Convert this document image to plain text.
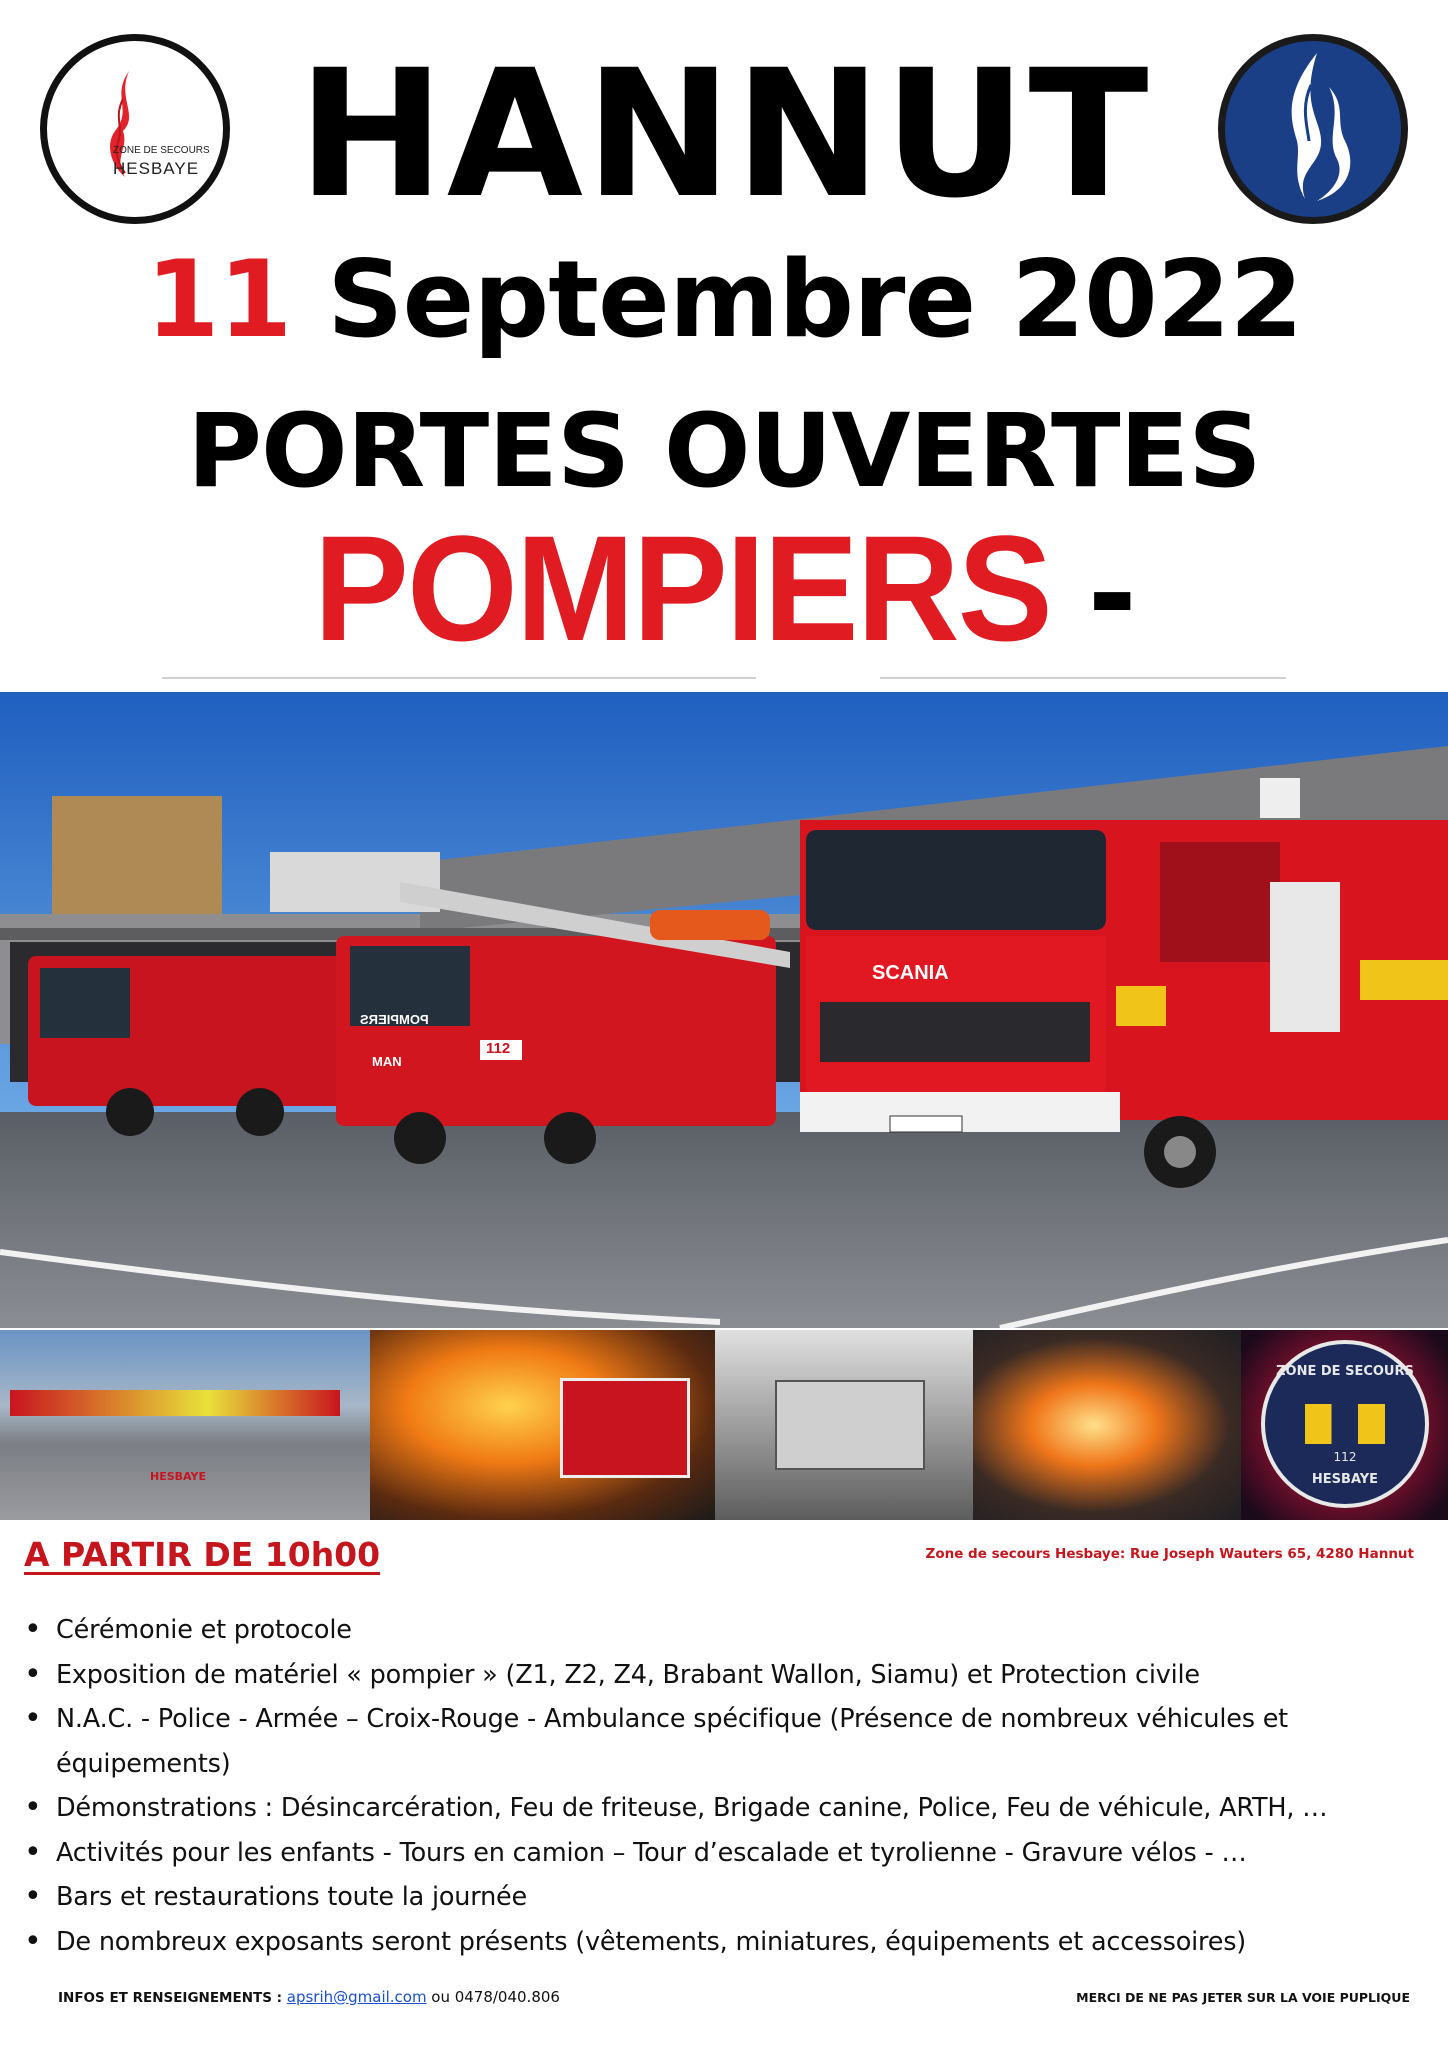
ZONE DE SECOURS
HESBAYE HANNUT
11 Septembre 2022
PORTES OUVERTES
POMPIERS -
SCANIA
POMPIERS
112
MAN
HESBAYE
ZONE DE SECOURS
112
HESBAYE
A PARTIR DE 10h00	Zone de secours Hesbaye: Rue Joseph Wauters 65, 4280 Hannut
• Cérémonie et protocole
• Exposition de matériel « pompier » (Z1, Z2, Z4, Brabant Wallon, Siamu) et Protection civile
• N.A.C. - Police - Armée – Croix-Rouge - Ambulance spécifique (Présence de nombreux véhicules et équipements)
• Démonstrations : Désincarcération, Feu de friteuse, Brigade canine, Police, Feu de véhicule, ARTH, …
• Activités pour les enfants - Tours en camion – Tour d’escalade et tyrolienne - Gravure vélos - …
• Bars et restaurations toute la journée
• De nombreux exposants seront présents (vêtements, miniatures, équipements et accessoires)
INFOS ET RENSEIGNEMENTS : apsrih@gmail.com ou 0478/040.806	MERCI DE NE PAS JETER SUR LA VOIE PUPLIQUE
